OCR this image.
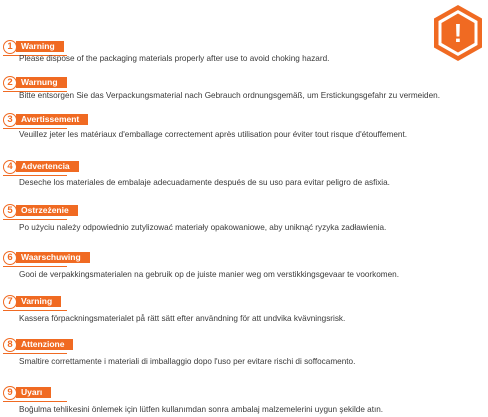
!
1 Warning
Please dispose of the packaging materials properly after use to avoid choking hazard.
2 Warnung
Bitte entsorgen Sie das Verpackungsmaterial nach Gebrauch ordnungsgemäß, um Erstickungsgefahr zu vermeiden.
3 Avertissement
Veuillez jeter les matériaux d'emballage correctement après utilisation pour éviter tout risque d'étouffement.
4 Advertencia
Deseche los materiales de embalaje adecuadamente después de su uso para evitar peligro de asfixia.
5 Ostrzeżenie
Po użyciu należy odpowiednio zutylizować materiały opakowaniowe, aby uniknąć ryzyka zadławienia.
6 Waarschuwing
Gooi de verpakkingsmaterialen na gebruik op de juiste manier weg om verstikkingsgevaar te voorkomen.
7 Varning
Kassera förpackningsmaterialet på rätt sätt efter användning för att undvika kvävningsrisk.
8 Attenzione
Smaltire correttamente i materiali di imballaggio dopo l'uso per evitare rischi di soffocamento.
9 Uyarı
Boğulma tehlikesini önlemek için lütfen kullanımdan sonra ambalaj malzemelerini uygun şekilde atın.
